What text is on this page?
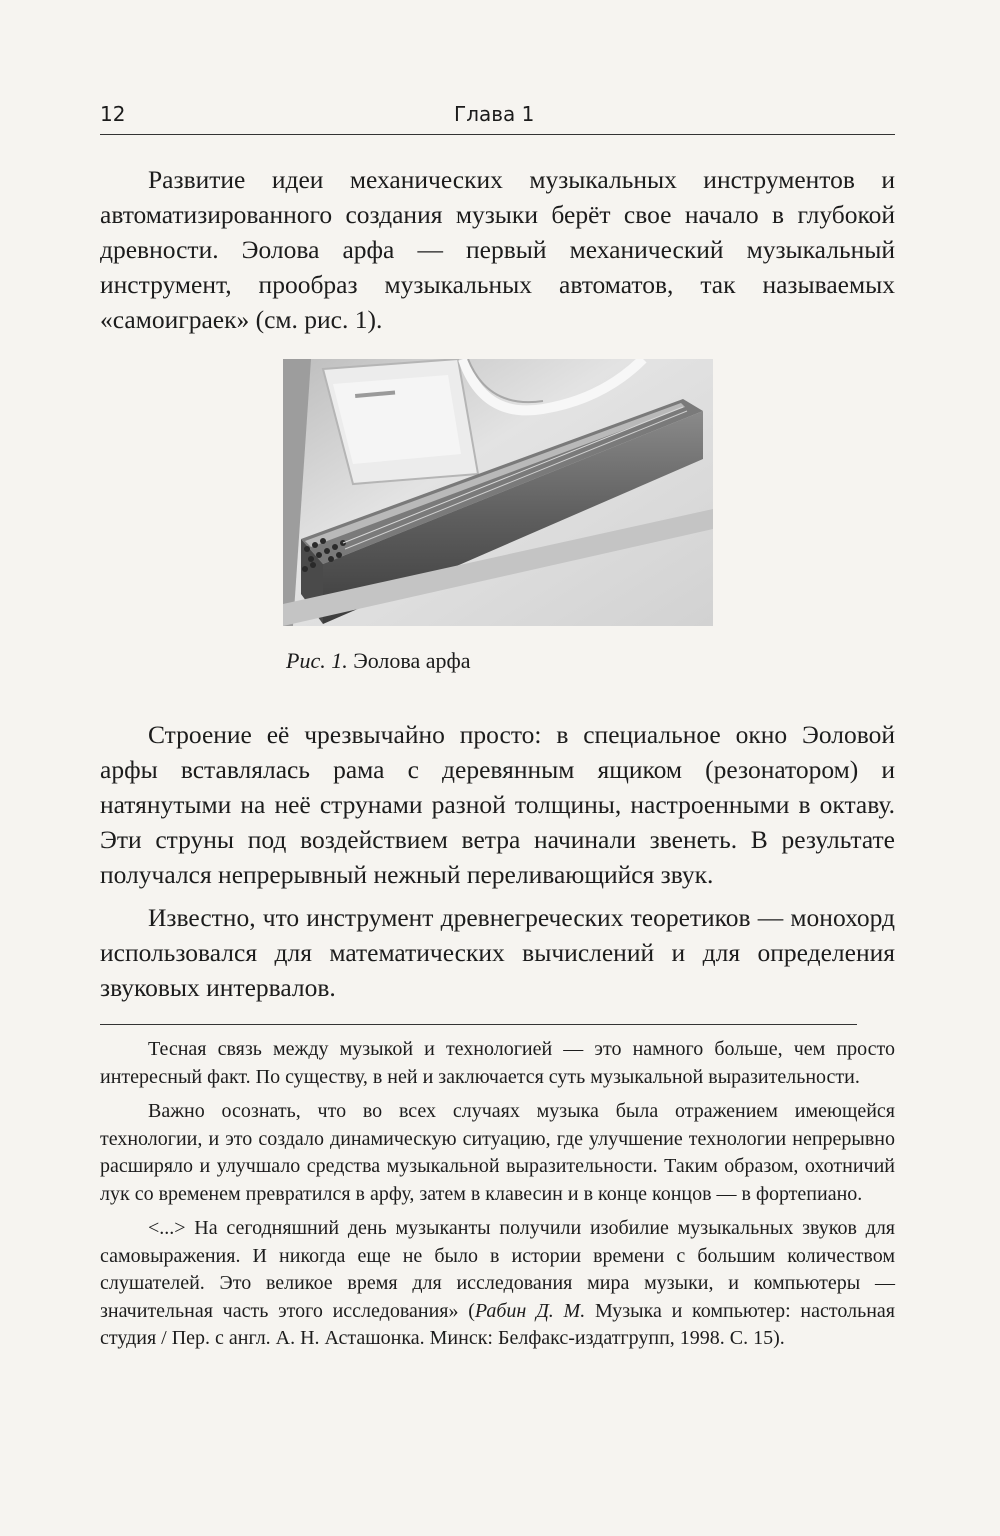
12	Глава 1

Развитие идеи механических музыкальных инструментов и автоматизированного создания музыки берёт свое начало в глубокой древности. Эолова арфа — первый механический музыкальный инструмент, прообраз музыкальных автоматов, так называемых «самоиграек» (см. рис. 1).

Рис. 1. Эолова арфа

Строение её чрезвычайно просто: в специальное окно Эоловой арфы вставлялась рама с деревянным ящиком (резонатором) и натянутыми на неё струнами разной толщины, настроенными в октаву. Эти струны под воздействием ветра начинали звенеть. В результате получался непрерывный нежный переливающийся звук.

Известно, что инструмент древнегреческих теоретиков — монохорд использовался для математических вычислений и для определения звуковых интервалов.

Тесная связь между музыкой и технологией — это намного больше, чем просто интересный факт. По существу, в ней и заключается суть музыкальной выразительности.

Важно осознать, что во всех случаях музыка была отражением имеющейся технологии, и это создало динамическую ситуацию, где улучшение технологии непрерывно расширяло и улучшало средства музыкальной выразительности. Таким образом, охотничий лук со временем превратился в арфу, затем в клавесин и в конце концов — в фортепиано.

<...> На сегодняшний день музыканты получили изобилие музыкальных звуков для самовыражения. И никогда еще не было в истории времени с большим количеством слушателей. Это великое время для исследования мира музыки, и компьютеры — значительная часть этого исследования» (Рабин Д. М. Музыка и компьютер: настольная студия / Пер. с англ. А. Н. Асташонка. Минск: Белфакс-издатгрупп, 1998. С. 15).
